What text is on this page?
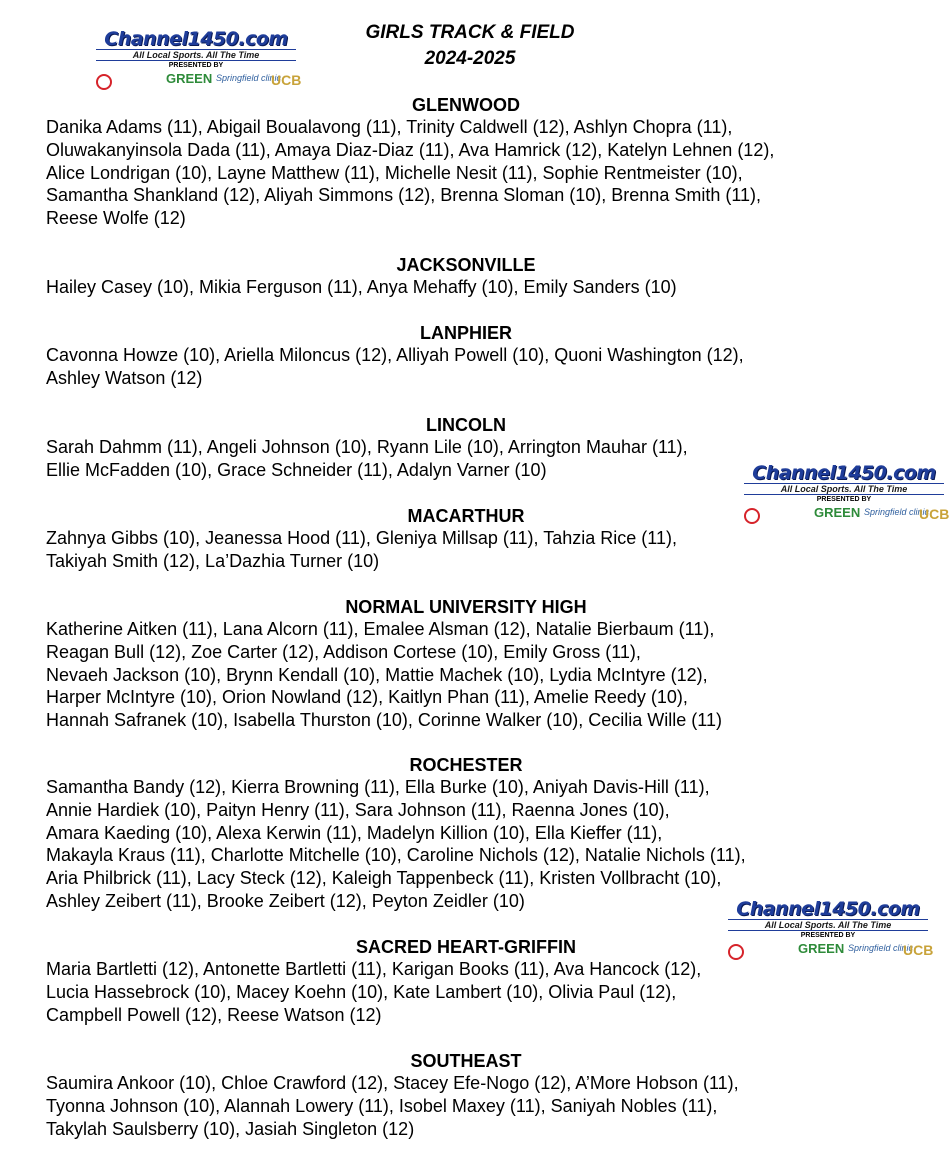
GIRLS TRACK & FIELD
2024-2025
Channel1450.com
All Local Sports. All The Time
PRESENTED BY
GREEN Springfield clinic
UCB
Channel1450.com
All Local Sports. All The Time
PRESENTED BY
GREEN Springfield clinic
UCB
Channel1450.com
All Local Sports. All The Time
PRESENTED BY
GREEN Springfield clinic
UCB
GLENWOOD
Danika Adams (11), Abigail Boualavong (11), Trinity Caldwell (12), Ashlyn Chopra (11),
Oluwakanyinsola Dada (11), Amaya Diaz-Diaz (11), Ava Hamrick (12), Katelyn Lehnen (12),
Alice Londrigan (10), Layne Matthew (11), Michelle Nesit (11), Sophie Rentmeister (10),
Samantha Shankland (12), Aliyah Simmons (12), Brenna Sloman (10), Brenna Smith (11),
Reese Wolfe (12)
JACKSONVILLE
Hailey Casey (10), Mikia Ferguson (11), Anya Mehaffy (10), Emily Sanders (10)
LANPHIER
Cavonna Howze (10), Ariella Miloncus (12), Alliyah Powell (10), Quoni Washington (12),
Ashley Watson (12)
LINCOLN
Sarah Dahmm (11), Angeli Johnson (10), Ryann Lile (10), Arrington Mauhar (11),
Ellie McFadden (10), Grace Schneider (11), Adalyn Varner (10)
MACARTHUR
Zahnya Gibbs (10), Jeanessa Hood (11), Gleniya Millsap (11), Tahzia Rice (11),
Takiyah Smith (12), La’Dazhia Turner (10)
NORMAL UNIVERSITY HIGH
Katherine Aitken (11), Lana Alcorn (11), Emalee Alsman (12), Natalie Bierbaum (11),
Reagan Bull (12), Zoe Carter (12), Addison Cortese (10), Emily Gross (11),
Nevaeh Jackson (10), Brynn Kendall (10), Mattie Machek (10), Lydia McIntyre (12),
Harper McIntyre (10), Orion Nowland (12), Kaitlyn Phan (11), Amelie Reedy (10),
Hannah Safranek (10), Isabella Thurston (10), Corinne Walker (10), Cecilia Wille (11)
ROCHESTER
Samantha Bandy (12), Kierra Browning (11), Ella Burke (10), Aniyah Davis-Hill (11),
Annie Hardiek (10), Paityn Henry (11), Sara Johnson (11), Raenna Jones (10),
Amara Kaeding (10), Alexa Kerwin (11), Madelyn Killion (10), Ella Kieffer (11),
Makayla Kraus (11), Charlotte Mitchelle (10), Caroline Nichols (12), Natalie Nichols (11),
Aria Philbrick (11), Lacy Steck (12), Kaleigh Tappenbeck (11), Kristen Vollbracht (10),
Ashley Zeibert (11), Brooke Zeibert (12), Peyton Zeidler (10)
SACRED HEART-GRIFFIN
Maria Bartletti (12), Antonette Bartletti (11), Karigan Books (11), Ava Hancock (12),
Lucia Hassebrock (10), Macey Koehn (10), Kate Lambert (10), Olivia Paul (12),
Campbell Powell (12), Reese Watson (12)
SOUTHEAST
Saumira Ankoor (10), Chloe Crawford (12), Stacey Efe-Nogo (12), A’More Hobson (11),
Tyonna Johnson (10), Alannah Lowery (11), Isobel Maxey (11), Saniyah Nobles (11),
Takylah Saulsberry (10), Jasiah Singleton (12)
